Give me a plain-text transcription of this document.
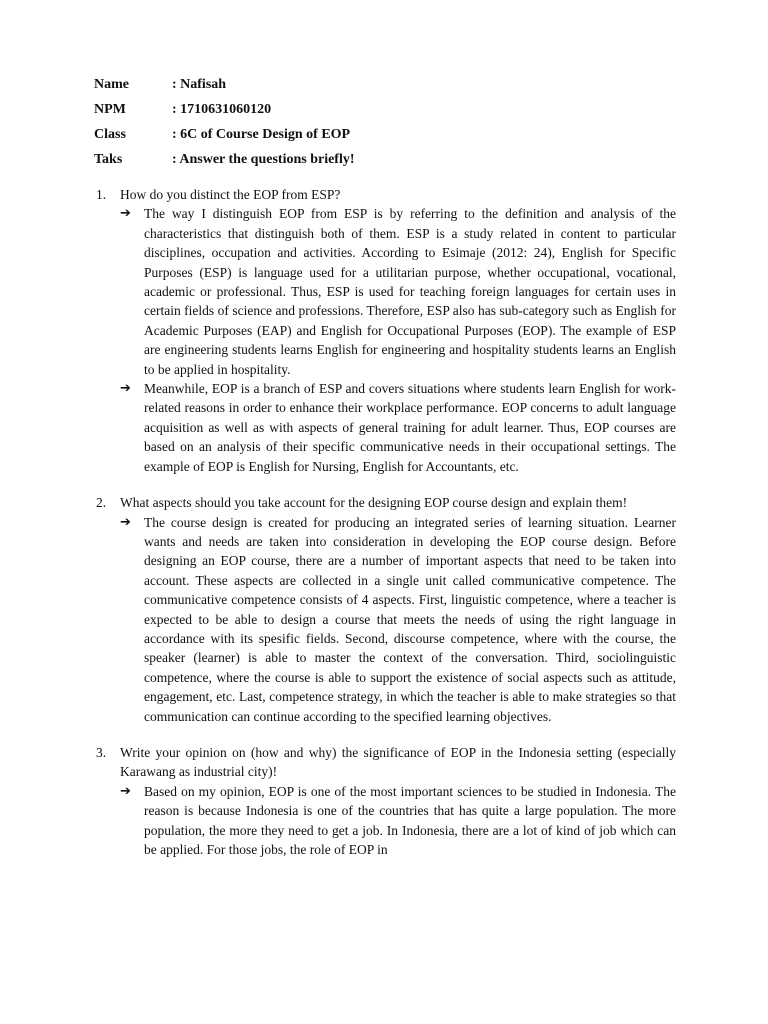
Name	: Nafisah
NPM	: 1710631060120
Class	: 6C of Course Design of EOP
Taks	: Answer the questions briefly!
1.	How do you distinct the EOP from ESP?
➔ The way I distinguish EOP from ESP is by referring to the definition and analysis of the characteristics that distinguish both of them. ESP is a study related in content to particular disciplines, occupation and activities. According to Esimaje (2012: 24), English for Specific Purposes (ESP) is language used for a utilitarian purpose, whether occupational, vocational, academic or professional. Thus, ESP is used for teaching foreign languages for certain uses in certain fields of science and professions. Therefore, ESP also has sub-category such as English for Academic Purposes (EAP) and English for Occupational Purposes (EOP). The example of ESP are engineering students learns English for engineering and hospitality students learns an English to be applied in hospitality.
➔ Meanwhile, EOP is a branch of ESP and covers situations where students learn English for work-related reasons in order to enhance their workplace performance. EOP concerns to adult language acquisition as well as with aspects of general training for adult learner. Thus, EOP courses are based on an analysis of their specific communicative needs in their occupational settings. The example of EOP is English for Nursing, English for Accountants, etc.
2.	What aspects should you take account for the designing EOP course design and explain them!
➔ The course design is created for producing an integrated series of learning situation. Learner wants and needs are taken into consideration in developing the EOP course design. Before designing an EOP course, there are a number of important aspects that need to be taken into account. These aspects are collected in a single unit called communicative competence. The communicative competence consists of 4 aspects. First, linguistic competence, where a teacher is expected to be able to design a course that meets the needs of using the right language in accordance with its spesific fields. Second, discourse competence, where with the course, the speaker (learner) is able to master the context of the conversation. Third, sociolinguistic competence, where the course is able to support the existence of social aspects such as attitude, engagement, etc. Last, competence strategy, in which the teacher is able to make strategies so that communication can continue according to the specified learning objectives.
3.	Write your opinion on (how and why) the significance of EOP in the Indonesia setting (especially Karawang as industrial city)!
➔ Based on my opinion, EOP is one of the most important sciences to be studied in Indonesia. The reason is because Indonesia is one of the countries that has quite a large population. The more population, the more they need to get a job. In Indonesia, there are a lot of kind of job which can be applied. For those jobs, the role of EOP in
